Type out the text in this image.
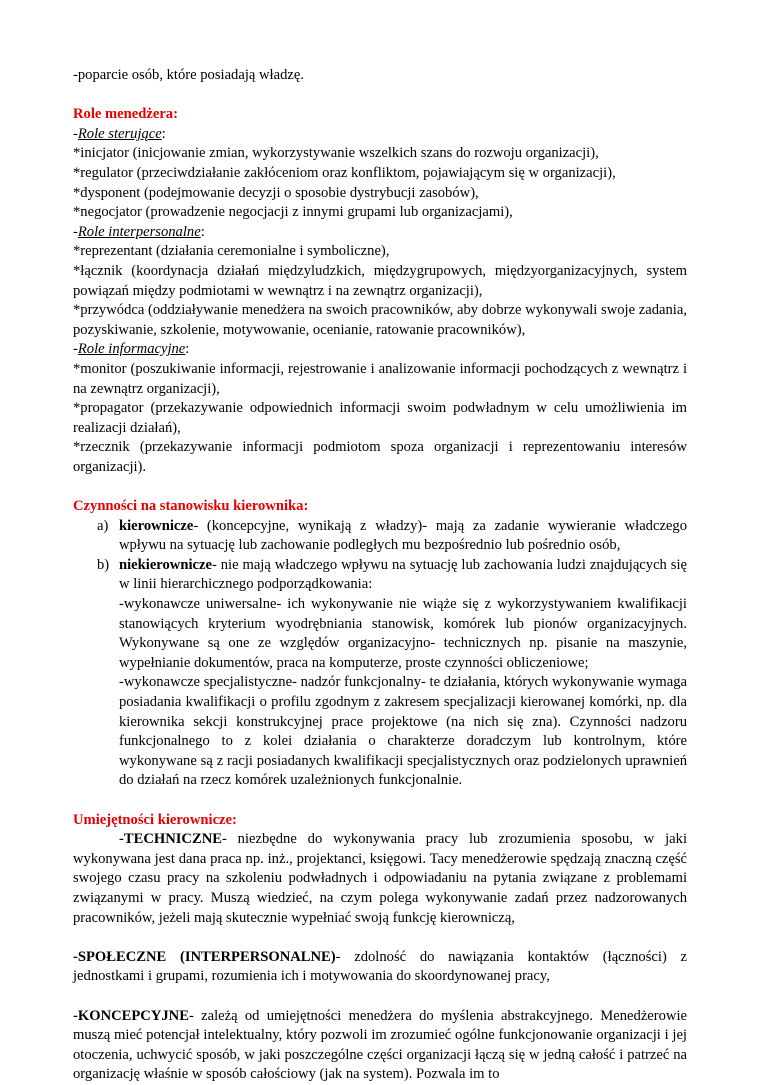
-poparcie osób, które posiadają władzę.

Role menedżera:

-Role sterujące:

*inicjator (inicjowanie zmian, wykorzystywanie wszelkich szans do rozwoju organizacji),

*regulator (przeciwdziałanie zakłóceniom oraz konfliktom, pojawiającym się w organizacji),

*dysponent (podejmowanie decyzji o sposobie dystrybucji zasobów),

*negocjator (prowadzenie negocjacji z innymi grupami lub organizacjami),

-Role interpersonalne:

*reprezentant (działania ceremonialne i symboliczne),

*łącznik (koordynacja działań międzyludzkich, międzygrupowych, międzyorganizacyjnych, system powiązań między podmiotami w wewnątrz i na zewnątrz organizacji),

*przywódca (oddziaływanie menedżera na swoich pracowników, aby dobrze wykonywali swoje zadania, pozyskiwanie, szkolenie, motywowanie, ocenianie, ratowanie pracowników),

-Role informacyjne:

*monitor (poszukiwanie informacji, rejestrowanie i analizowanie informacji pochodzących z wewnątrz i na zewnątrz organizacji),

*propagator (przekazywanie odpowiednich informacji swoim podwładnym w celu umożliwienia im realizacji działań),

*rzecznik (przekazywanie informacji podmiotom spoza organizacji i reprezentowaniu interesów organizacji).

Czynności na stanowisku kierownika:

a) kierownicze- (koncepcyjne, wynikają z władzy)- mają za zadanie wywieranie władczego wpływu na sytuację lub zachowanie podległych mu bezpośrednio lub pośrednio osób,
b) niekierownicze- nie mają władczego wpływu na sytuację lub zachowania ludzi znajdujących się w linii hierarchicznego podporządkowania:

-wykonawcze uniwersalne- ich wykonywanie nie wiąże się z wykorzystywaniem kwalifikacji stanowiących kryterium wyodrębniania stanowisk, komórek lub pionów organizacyjnych. Wykonywane są one ze względów organizacyjno- technicznych np. pisanie na maszynie, wypełnianie dokumentów, praca na komputerze, proste czynności obliczeniowe;

-wykonawcze specjalistyczne- nadzór funkcjonalny- te działania, których wykonywanie wymaga posiadania kwalifikacji o profilu zgodnym z zakresem specjalizacji kierowanej komórki, np. dla kierownika sekcji konstrukcyjnej prace projektowe (na nich się zna). Czynności nadzoru funkcjonalnego to z kolei działania o charakterze doradczym lub kontrolnym, które wykonywane są z racji posiadanych kwalifikacji specjalistycznych oraz podzielonych uprawnień do działań na rzecz komórek uzależnionych funkcjonalnie.

Umiejętności kierownicze:

-TECHNICZNE- niezbędne do wykonywania pracy lub zrozumienia sposobu, w jaki wykonywana jest dana praca np. inż., projektanci, księgowi. Tacy menedżerowie spędzają znaczną część swojego czasu pracy na szkoleniu podwładnych i odpowiadaniu na pytania związane z problemami związanymi w pracy. Muszą wiedzieć, na czym polega wykonywanie zadań przez nadzorowanych pracowników, jeżeli mają skutecznie wypełniać swoją funkcję kierowniczą,

-SPOŁECZNE (INTERPERSONALNE)- zdolność do nawiązania kontaktów (łączności) z jednostkami i grupami, rozumienia ich i motywowania do skoordynowanej pracy,

-KONCEPCYJNE- zależą od umiejętności menedżera do myślenia abstrakcyjnego. Menedżerowie muszą mieć potencjał intelektualny, który pozwoli im zrozumieć ogólne funkcjonowanie organizacji i jej otoczenia, uchwycić sposób, w jaki poszczególne części organizacji łączą się w jedną całość i patrzeć na organizację właśnie w sposób całościowy (jak na system). Pozwala im to
